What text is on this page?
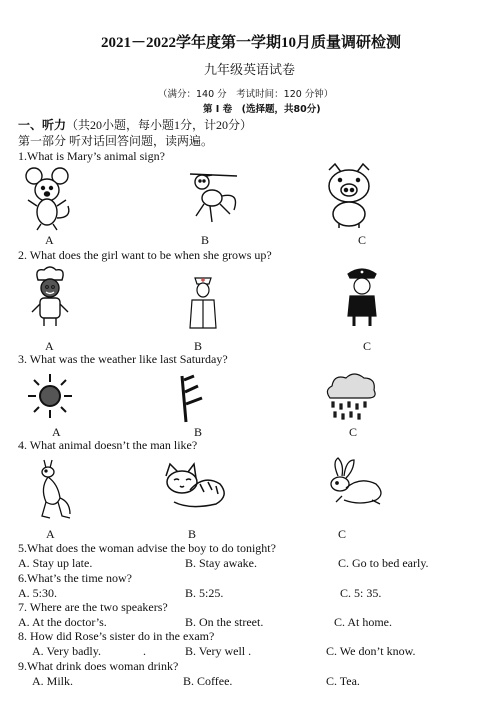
2021－2022学年度第一学期10月质量调研检测
九年级英语试卷
（满分：140 分　考试时间：120 分钟）
第 Ⅰ 卷　(选择题，共80分)
一、听力（共20小题，每小题1分，计20分）
第一部分 听对话回答问题，读两遍。
1.What is Mary’s animal sign?
A	B	C
2. What does the girl want to be when she grows up?
A	B	C
3. What was the weather like last Saturday?
A	B	C
4. What animal doesn’t the man like?
A	B	C
5.What does the woman advise the boy to do tonight?
A. Stay up late.	B. Stay awake.	C. Go to bed early.
6.What’s the time now?
A. 5:30.	B. 5:25.	C. 5: 35.
7. Where are the two speakers?
A. At the doctor’s.	B. On the street.	C. At home.
8. How did Rose’s sister do in the exam?
A. Very badly.	.	B. Very well .	C. We don’t know.
9.What drink does woman drink?
A. Milk.	B. Coffee.	C. Tea.
